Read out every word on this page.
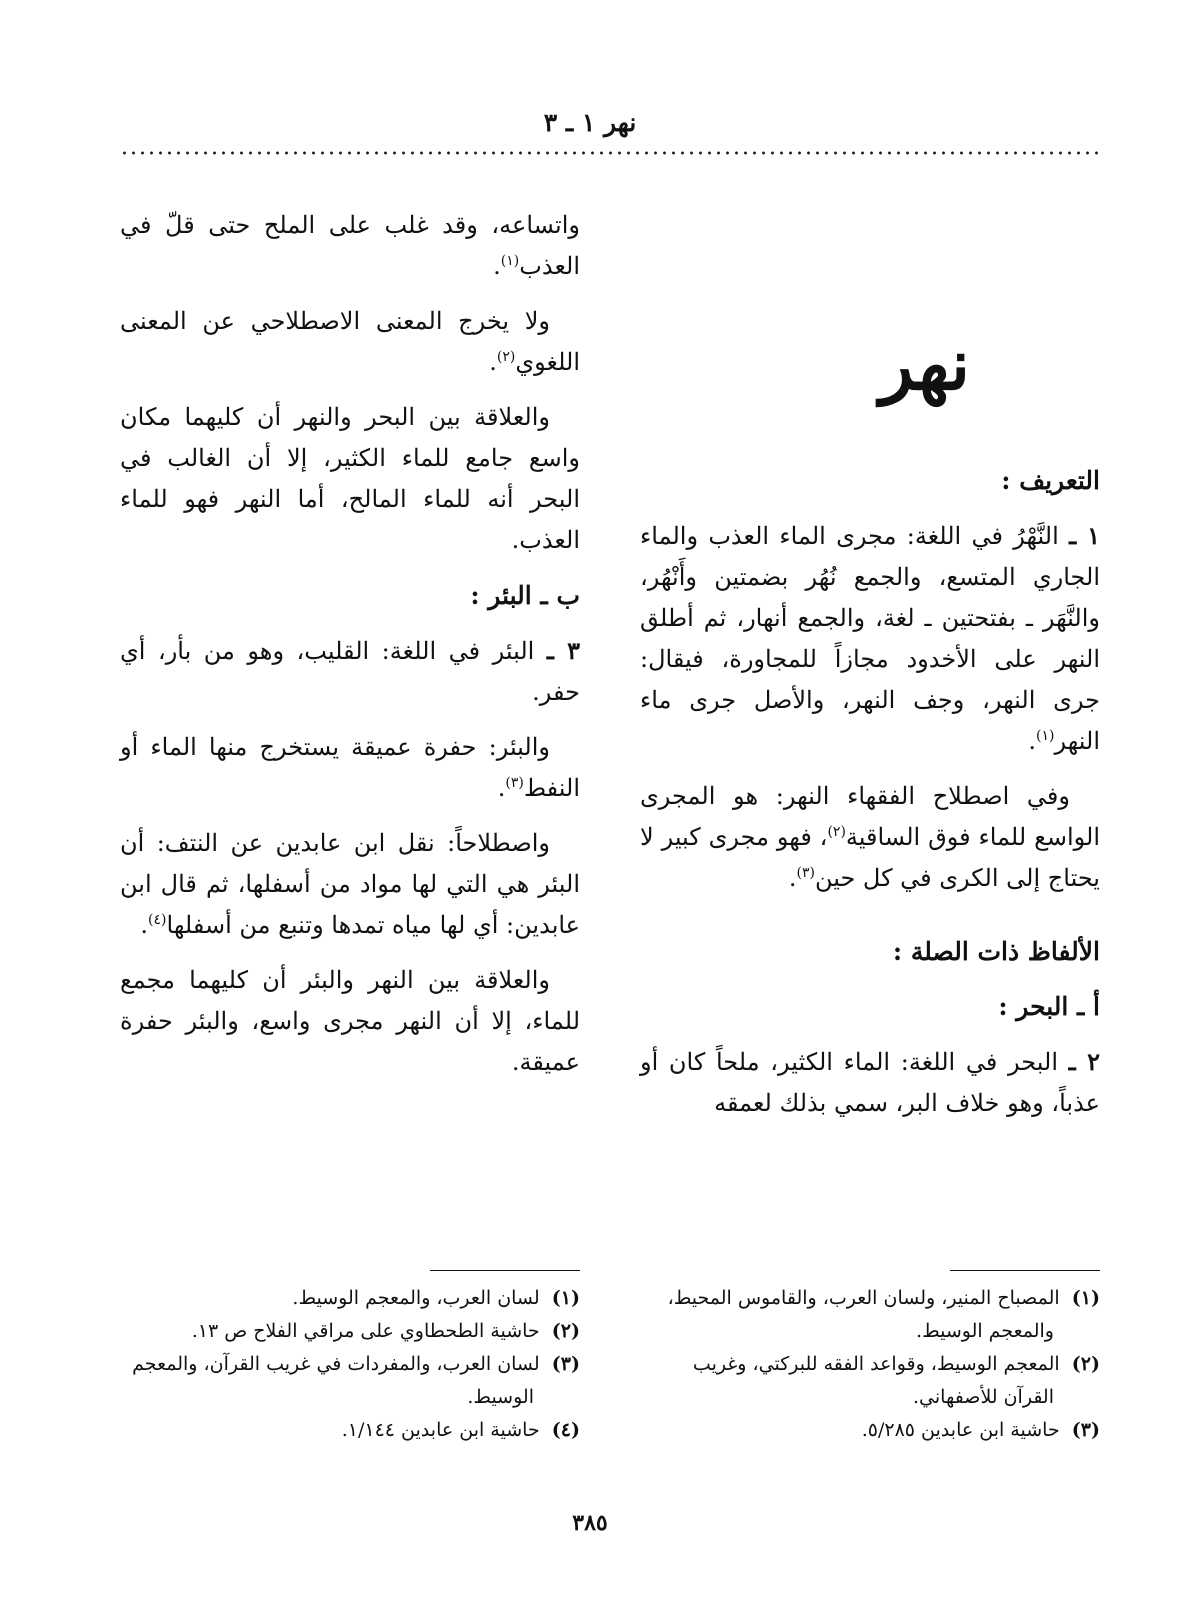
نهر ١ ـ ٣
نهر

التعريف :

١ ـ النَّهْرُ في اللغة: مجرى الماء العذب والماء الجاري المتسع، والجمع نُهُر بضمتين وأَنْهُر، والنَّهَر ـ بفتحتين ـ لغة، والجمع أنهار، ثم أطلق النهر على الأخدود مجازاً للمجاورة، فيقال: جرى النهر، وجف النهر، والأصل جرى ماء النهر$^{(١)}$.

وفي اصطلاح الفقهاء النهر: هو المجرى الواسع للماء فوق الساقية$^{(٢)}$، فهو مجرى كبير لا يحتاج إلى الكرى في كل حين$^{(٣)}$.

الألفاظ ذات الصلة :

أ ـ البحر :

٢ ـ البحر في اللغة: الماء الكثير، ملحاً كان أو عذباً، وهو خلاف البر، سمي بذلك لعمقه

واتساعه، وقد غلب على الملح حتى قلّ في العذب$^{(١)}$.

ولا يخرج المعنى الاصطلاحي عن المعنى اللغوي$^{(٢)}$.

والعلاقة بين البحر والنهر أن كليهما مكان واسع جامع للماء الكثير، إلا أن الغالب في البحر أنه للماء المالح، أما النهر فهو للماء العذب.

ب ـ البئر :

٣ ـ البئر في اللغة: القليب، وهو من بأر، أي حفر.

والبئر: حفرة عميقة يستخرج منها الماء أو النفط$^{(٣)}$.

واصطلاحاً: نقل ابن عابدين عن النتف: أن البئر هي التي لها مواد من أسفلها، ثم قال ابن عابدين: أي لها مياه تمدها وتنبع من أسفلها$^{(٤)}$.

والعلاقة بين النهر والبئر أن كليهما مجمع للماء، إلا أن النهر مجرى واسع، والبئر حفرة عميقة.

(١)  المصباح المنير، ولسان العرب، والقاموس المحيط، والمعجم الوسيط.

(٢)  المعجم الوسيط، وقواعد الفقه للبركتي، وغريب القرآن للأصفهاني.

(٣)  حاشية ابن عابدين ٥/٢٨٥.

(١)  لسان العرب، والمعجم الوسيط.

(٢)  حاشية الطحطاوي على مراقي الفلاح ص ١٣.

(٣)  لسان العرب، والمفردات في غريب القرآن، والمعجم الوسيط.

(٤)  حاشية ابن عابدين ١/١٤٤.

٣٨٥
